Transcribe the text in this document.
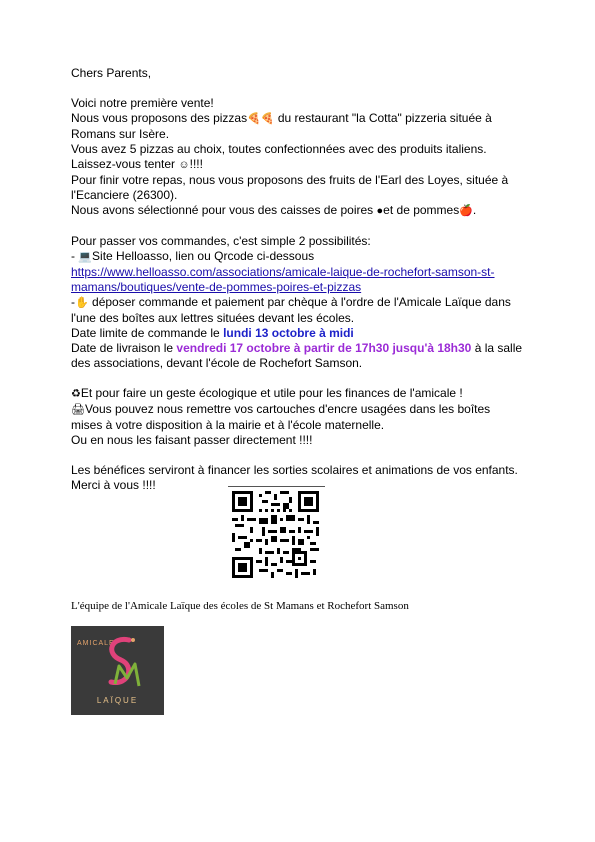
Chers Parents,
Voici notre première vente!
Nous vous proposons des pizzas🍕🍕 du restaurant "la Cotta" pizzeria située à
Romans sur Isère.
Vous avez 5 pizzas au choix, toutes confectionnées avec des produits italiens.
Laissez-vous tenter ☺!!!!
Pour finir votre repas, nous vous proposons des fruits de l'Earl des Loyes, située à
l'Ecanciere (26300).
Nous avons sélectionné pour vous des caisses de poires ●et de pommes🍎.
Pour passer vos commandes, c'est simple 2 possibilités:
- 💻Site Helloasso, lien ou Qrcode ci-dessous
https://www.helloasso.com/associations/amicale-laique-de-rochefort-samson-st-
mamans/boutiques/vente-de-pommes-poires-et-pizzas
-✋ déposer commande et paiement par chèque à l'ordre de l'Amicale Laïque dans
l'une des boîtes aux lettres situées devant les écoles.
Date limite de commande le lundi 13 octobre à midi
Date de livraison le vendredi 17 octobre à partir de 17h30 jusqu'à 18h30 à la salle
des associations, devant l'école de Rochefort Samson.
♻Et pour faire un geste écologique et utile pour les finances de l'amicale !
🖨Vous pouvez nous remettre vos cartouches d'encre usagées dans les boîtes
mises à votre disposition à la mairie et à l'école maternelle.
Ou en nous les faisant passer directement !!!!
Les bénéfices serviront à financer les sorties scolaires et animations de vos enfants.
Merci à vous !!!!
L'équipe de l'Amicale Laïque des écoles de St Mamans et Rochefort Samson
AMICALE
LAÏQUE
